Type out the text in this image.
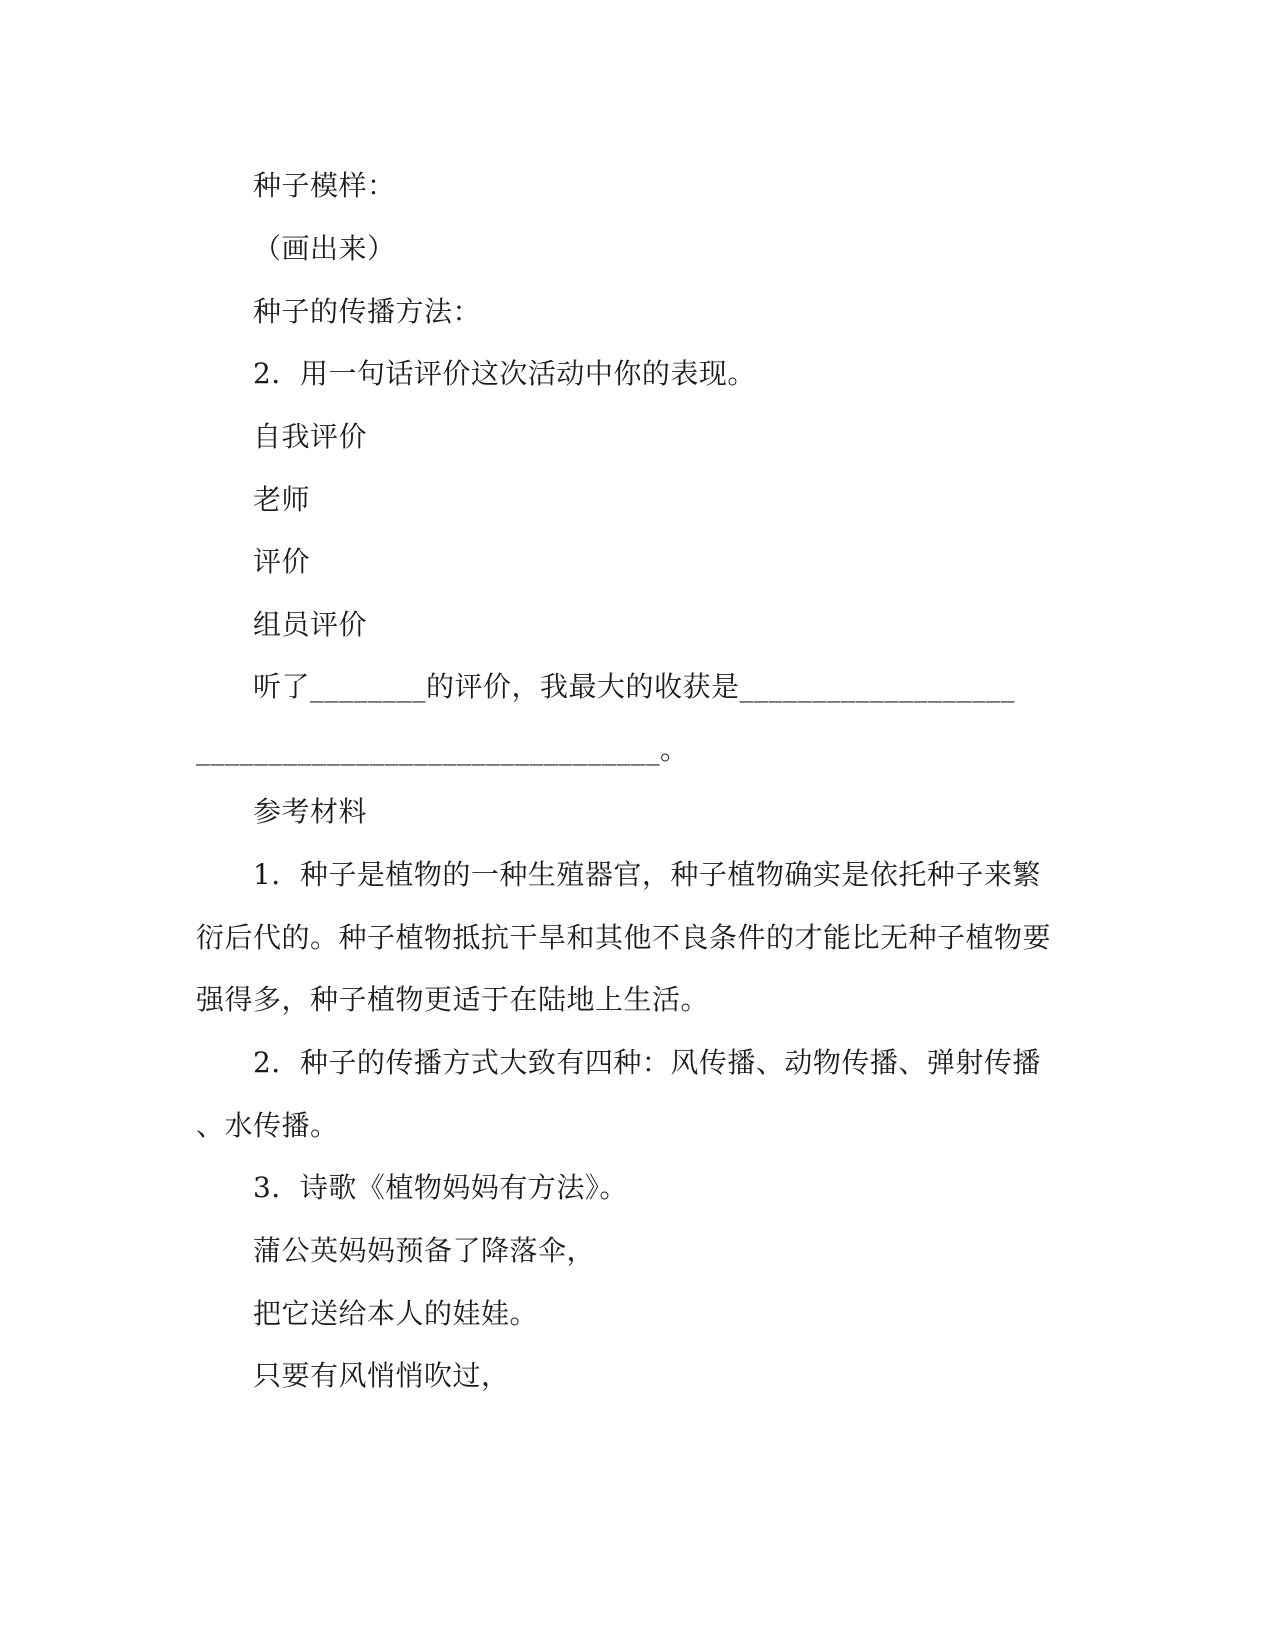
种子模样：
（画出来）
种子的传播方法：
2．用一句话评价这次活动中你的表现。
自我评价
老师
评价
组员评价
听了________的评价，我最大的收获是___________________
________________________________。
参考材料
1．种子是植物的一种生殖器官，种子植物确实是依托种子来繁
衍后代的。种子植物抵抗干旱和其他不良条件的才能比无种子植物要
强得多，种子植物更适于在陆地上生活。
2．种子的传播方式大致有四种：风传播、动物传播、弹射传播
、水传播。
3．诗歌《植物妈妈有方法》。
蒲公英妈妈预备了降落伞，
把它送给本人的娃娃。
只要有风悄悄吹过，
